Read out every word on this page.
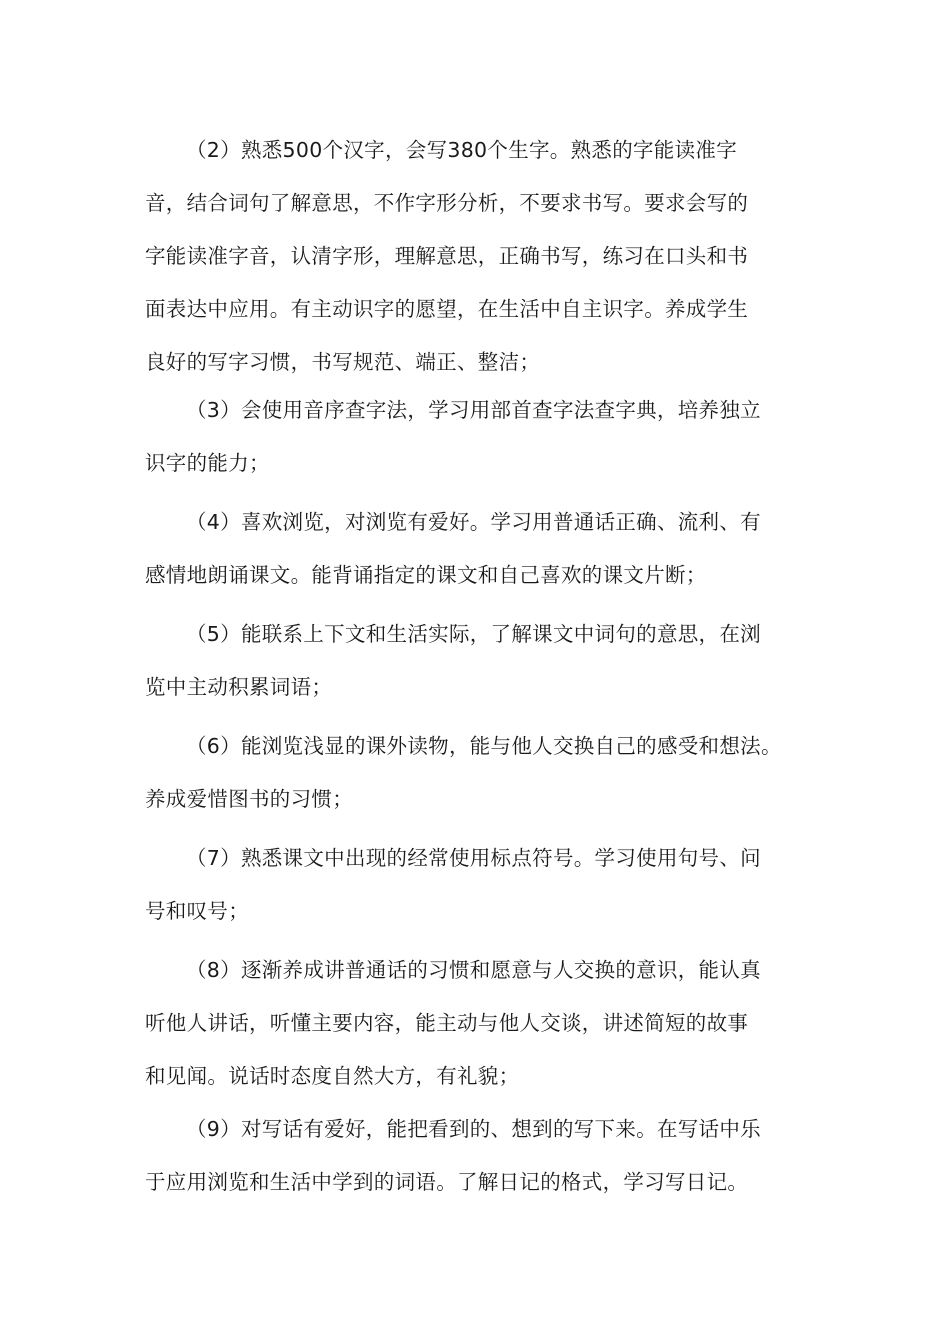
（2）熟悉500个汉字，会写380个生字。熟悉的字能读准字
音，结合词句了解意思，不作字形分析，不要求书写。要求会写的
字能读准字音，认清字形，理解意思，正确书写，练习在口头和书
面表达中应用。有主动识字的愿望，在生活中自主识字。养成学生
良好的写字习惯，书写规范、端正、整洁；

（3）会使用音序查字法，学习用部首查字法查字典，培养独立
识字的能力；

（4）喜欢浏览，对浏览有爱好。学习用普通话正确、流利、有
感情地朗诵课文。能背诵指定的课文和自己喜欢的课文片断；

（5）能联系上下文和生活实际，了解课文中词句的意思，在浏
览中主动积累词语；

（6）能浏览浅显的课外读物，能与他人交换自己的感受和想法。
养成爱惜图书的习惯；

（7）熟悉课文中出现的经常使用标点符号。学习使用句号、问
号和叹号；

（8）逐渐养成讲普通话的习惯和愿意与人交换的意识，能认真
听他人讲话，听懂主要内容，能主动与他人交谈，讲述简短的故事
和见闻。说话时态度自然大方，有礼貌；

（9）对写话有爱好，能把看到的、想到的写下来。在写话中乐
于应用浏览和生活中学到的词语。了解日记的格式，学习写日记。
